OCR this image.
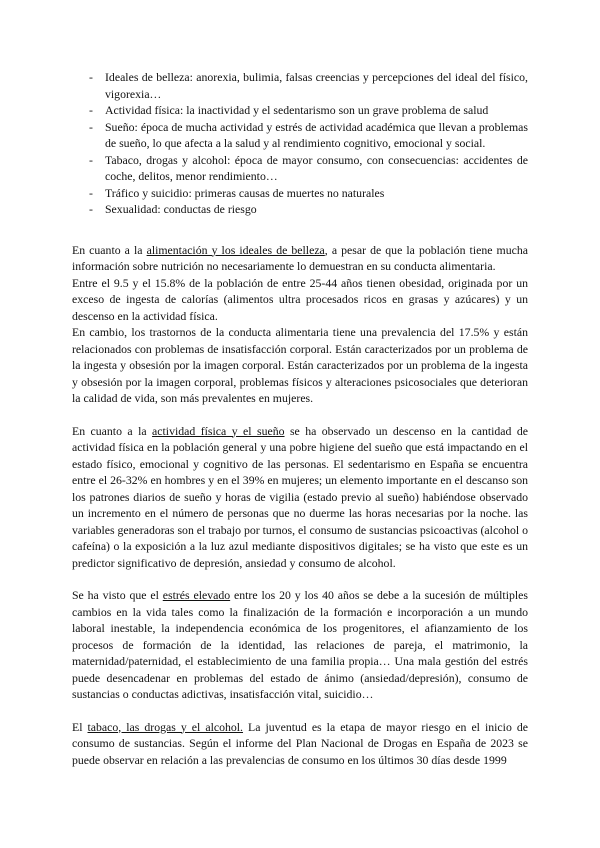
- Ideales de belleza: anorexia, bulimia, falsas creencias y percepciones del ideal del físico, vigorexia…
- Actividad física: la inactividad y el sedentarismo son un grave problema de salud
- Sueño: época de mucha actividad y estrés de actividad académica que llevan a problemas de sueño, lo que afecta a la salud y al rendimiento cognitivo, emocional y social.
- Tabaco, drogas y alcohol: época de mayor consumo, con consecuencias: accidentes de coche, delitos, menor rendimiento…
- Tráfico y suicidio: primeras causas de muertes no naturales
- Sexualidad: conductas de riesgo

En cuanto a la alimentación y los ideales de belleza, a pesar de que la población tiene mucha información sobre nutrición no necesariamente lo demuestran en su conducta alimentaria.

Entre el 9.5 y el 15.8% de la población de entre 25-44 años tienen obesidad, originada por un exceso de ingesta de calorías (alimentos ultra procesados ricos en grasas y azúcares) y un descenso en la actividad física.

En cambio, los trastornos de la conducta alimentaria tiene una prevalencia del 17.5% y están relacionados con problemas de insatisfacción corporal. Están caracterizados por un problema de la ingesta y obsesión por la imagen corporal. Están caracterizados por un problema de la ingesta y obsesión por la imagen corporal, problemas físicos y alteraciones psicosociales que deterioran la calidad de vida, son más prevalentes en mujeres.

En cuanto a la actividad física y el sueño se ha observado un descenso en la cantidad de actividad física en la población general y una pobre higiene del sueño que está impactando en el estado físico, emocional y cognitivo de las personas. El sedentarismo en España se encuentra entre el 26-32% en hombres y en el 39% en mujeres; un elemento importante en el descanso son los patrones diarios de sueño y horas de vigilia (estado previo al sueño) habiéndose observado un incremento en el número de personas que no duerme las horas necesarias por la noche. las variables generadoras son el trabajo por turnos, el consumo de sustancias psicoactivas (alcohol o cafeína) o la exposición a la luz azul mediante dispositivos digitales; se ha visto que este es un predictor significativo de depresión, ansiedad y consumo de alcohol.

Se ha visto que el estrés elevado entre los 20 y los 40 años se debe a la sucesión de múltiples cambios en la vida tales como la finalización de la formación e incorporación a un mundo laboral inestable, la independencia económica de los progenitores, el afianzamiento de los procesos de formación de la identidad, las relaciones de pareja, el matrimonio, la maternidad/paternidad, el establecimiento de una familia propia… Una mala gestión del estrés puede desencadenar en problemas del estado de ánimo (ansiedad/depresión), consumo de sustancias o conductas adictivas, insatisfacción vital, suicidio…

El tabaco, las drogas y el alcohol. La juventud es la etapa de mayor riesgo en el inicio de consumo de sustancias. Según el informe del Plan Nacional de Drogas en España de 2023 se puede observar en relación a las prevalencias de consumo en los últimos 30 días desde 1999
